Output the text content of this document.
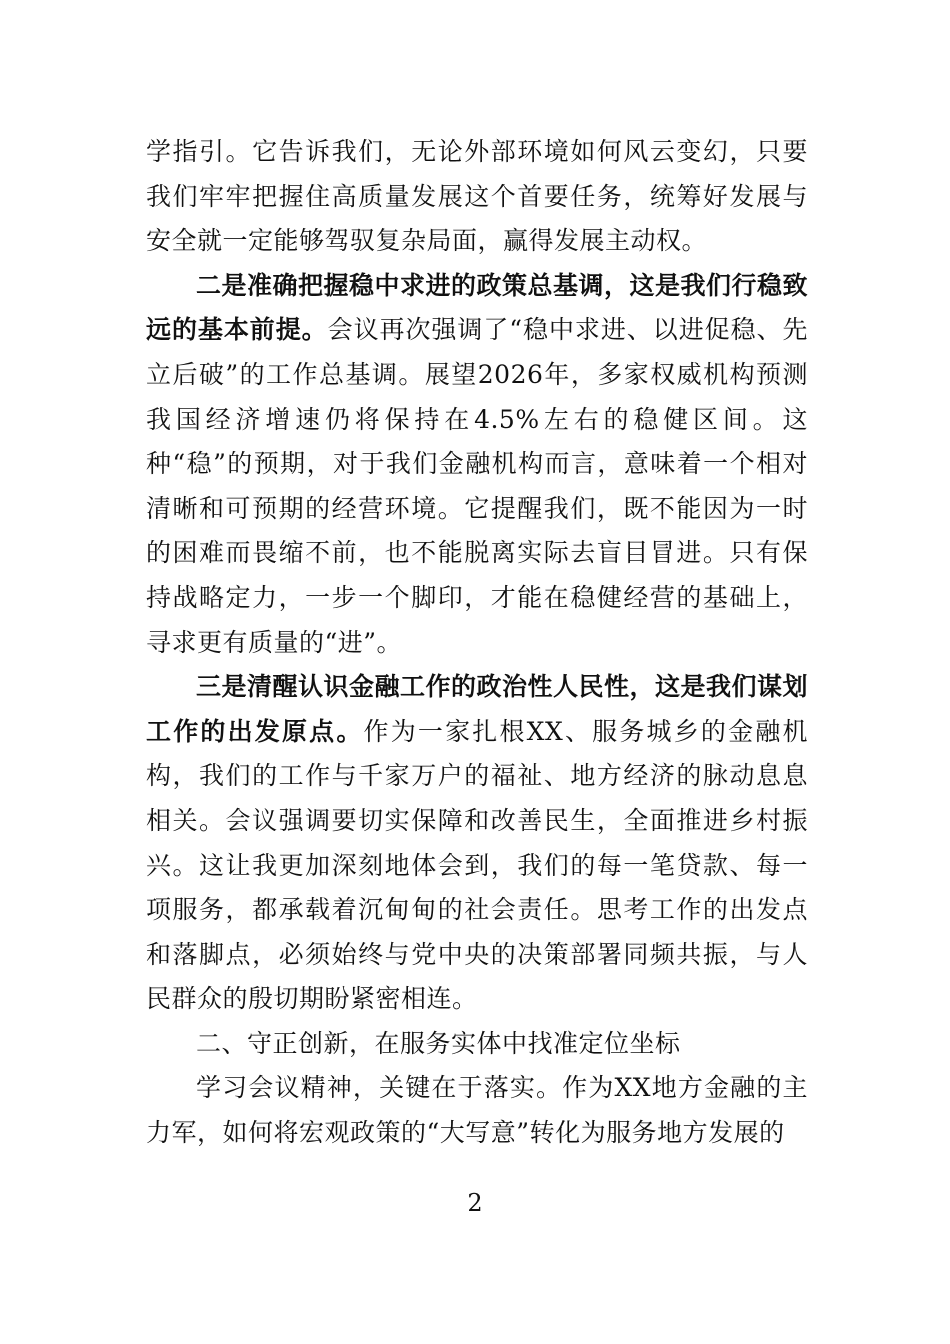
学指引。它告诉我们，无论外部环境如何风云变幻，只要我们牢牢把握住高质量发展这个首要任务，统筹好发展与安全就一定能够驾驭复杂局面，赢得发展主动权。

二是准确把握稳中求进的政策总基调，这是我们行稳致远的基本前提。会议再次强调了“稳中求进、以进促稳、先立后破”的工作总基调。展望2026年，多家权威机构预测我国经济增速仍将保持在4.5%左右的稳健区间。这种“稳”的预期，对于我们金融机构而言，意味着一个相对清晰和可预期的经营环境。它提醒我们，既不能因为一时的困难而畏缩不前，也不能脱离实际去盲目冒进。只有保持战略定力，一步一个脚印，才能在稳健经营的基础上，寻求更有质量的“进”。

三是清醒认识金融工作的政治性人民性，这是我们谋划工作的出发原点。作为一家扎根XX、服务城乡的金融机构，我们的工作与千家万户的福祉、地方经济的脉动息息相关。会议强调要切实保障和改善民生，全面推进乡村振兴。这让我更加深刻地体会到，我们的每一笔贷款、每一项服务，都承载着沉甸甸的社会责任。思考工作的出发点和落脚点，必须始终与党中央的决策部署同频共振，与人民群众的殷切期盼紧密相连。

二、守正创新，在服务实体中找准定位坐标

学习会议精神，关键在于落实。作为XX地方金融的主力军，如何将宏观政策的“大写意”转化为服务地方发展的

2
